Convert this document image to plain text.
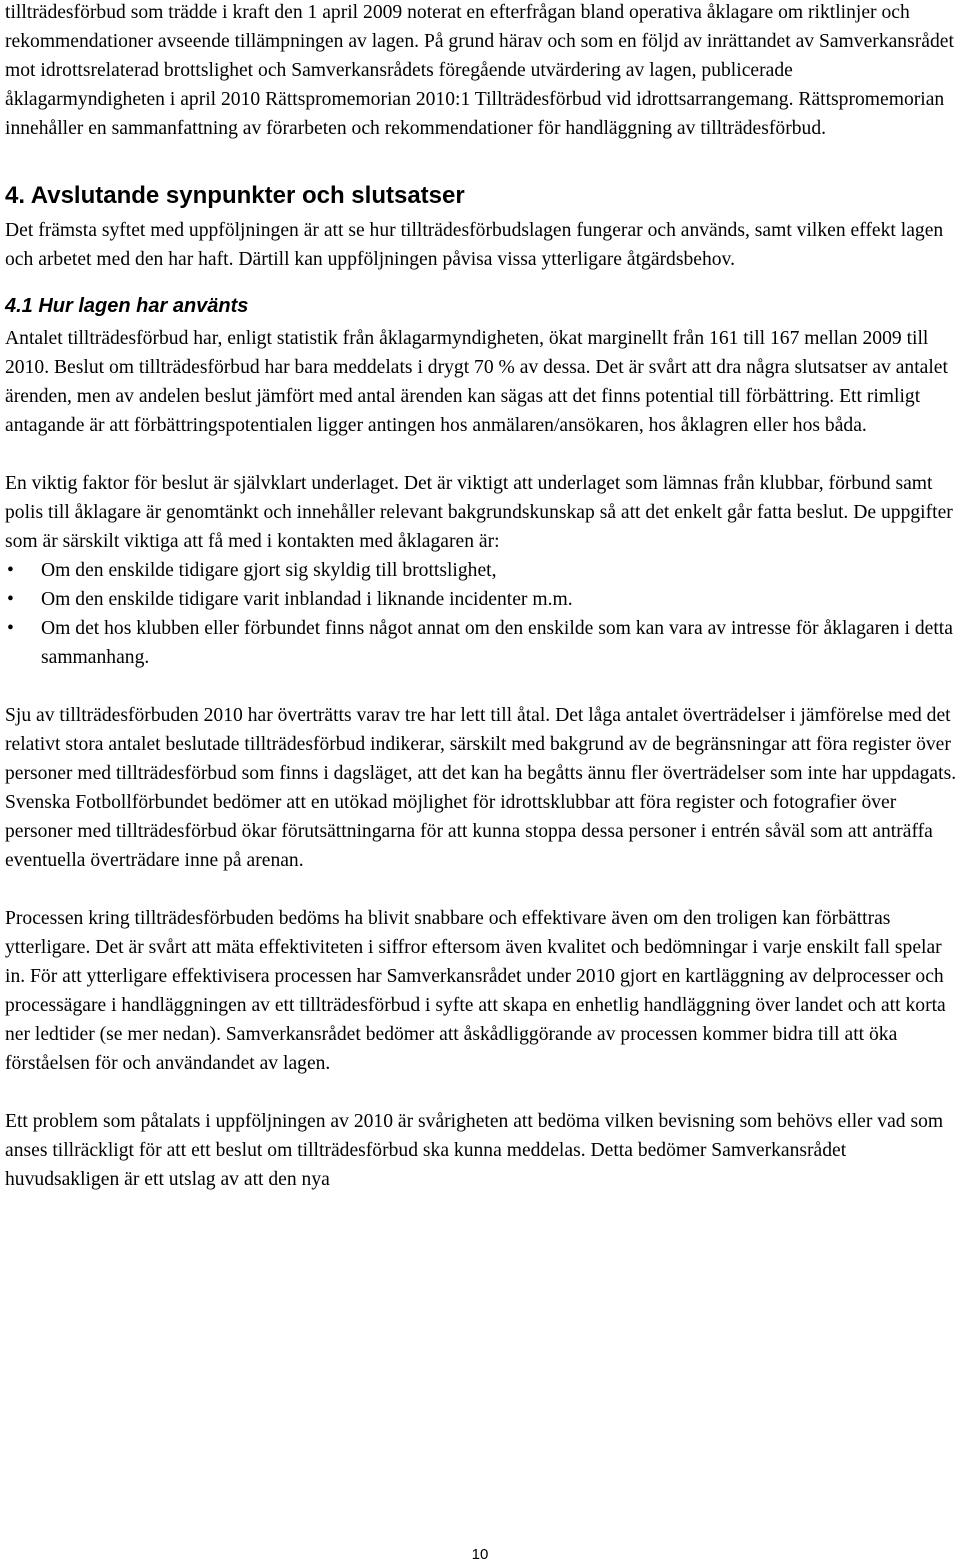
tillträdesförbud som trädde i kraft den 1 april 2009 noterat en efterfrågan bland operativa åklagare om riktlinjer och rekommendationer avseende tillämpningen av lagen. På grund härav och som en följd av inrättandet av Samverkansrådet mot idrottsrelaterad brottslighet och Samverkansrådets föregående utvärdering av lagen, publicerade åklagarmyndigheten i april 2010 Rättspromemorian 2010:1 Tillträdesförbud vid idrottsarrangemang. Rättspromemorian innehåller en sammanfattning av förarbeten och rekommendationer för handläggning av tillträdesförbud.

4. Avslutande synpunkter och slutsatser

Det främsta syftet med uppföljningen är att se hur tillträdesförbudslagen fungerar och används, samt vilken effekt lagen och arbetet med den har haft. Därtill kan uppföljningen påvisa vissa ytterligare åtgärdsbehov.

4.1 Hur lagen har använts

Antalet tillträdesförbud har, enligt statistik från åklagarmyndigheten, ökat marginellt från 161 till 167 mellan 2009 till 2010. Beslut om tillträdesförbud har bara meddelats i drygt 70 % av dessa. Det är svårt att dra några slutsatser av antalet ärenden, men av andelen beslut jämfört med antal ärenden kan sägas att det finns potential till förbättring. Ett rimligt antagande är att förbättringspotentialen ligger antingen hos anmälaren/ansökaren, hos åklagren eller hos båda.

En viktig faktor för beslut är självklart underlaget. Det är viktigt att underlaget som lämnas från klubbar, förbund samt polis till åklagare är genomtänkt och innehåller relevant bakgrundskunskap så att det enkelt går fatta beslut. De uppgifter som är särskilt viktiga att få med i kontakten med åklagaren är:

• Om den enskilde tidigare gjort sig skyldig till brottslighet,
• Om den enskilde tidigare varit inblandad i liknande incidenter m.m.
• Om det hos klubben eller förbundet finns något annat om den enskilde som kan vara av intresse för åklagaren i detta sammanhang.

Sju av tillträdesförbuden 2010 har överträtts varav tre har lett till åtal. Det låga antalet överträdelser i jämförelse med det relativt stora antalet beslutade tillträdesförbud indikerar, särskilt med bakgrund av de begränsningar att föra register över personer med tillträdesförbud som finns i dagsläget, att det kan ha begåtts ännu fler överträdelser som inte har uppdagats. Svenska Fotbollförbundet bedömer att en utökad möjlighet för idrottsklubbar att föra register och fotografier över personer med tillträdesförbud ökar förutsättningarna för att kunna stoppa dessa personer i entrén såväl som att anträffa eventuella överträdare inne på arenan.

Processen kring tillträdesförbuden bedöms ha blivit snabbare och effektivare även om den troligen kan förbättras ytterligare. Det är svårt att mäta effektiviteten i siffror eftersom även kvalitet och bedömningar i varje enskilt fall spelar in. För att ytterligare effektivisera processen har Samverkansrådet under 2010 gjort en kartläggning av delprocesser och processägare i handläggningen av ett tillträdesförbud i syfte att skapa en enhetlig handläggning över landet och att korta ner ledtider (se mer nedan). Samverkansrådet bedömer att åskådliggörande av processen kommer bidra till att öka förståelsen för och användandet av lagen.

Ett problem som påtalats i uppföljningen av 2010 är svårigheten att bedöma vilken bevisning som behövs eller vad som anses tillräckligt för att ett beslut om tillträdesförbud ska kunna meddelas. Detta bedömer Samverkansrådet huvudsakligen är ett utslag av att den nya

10
